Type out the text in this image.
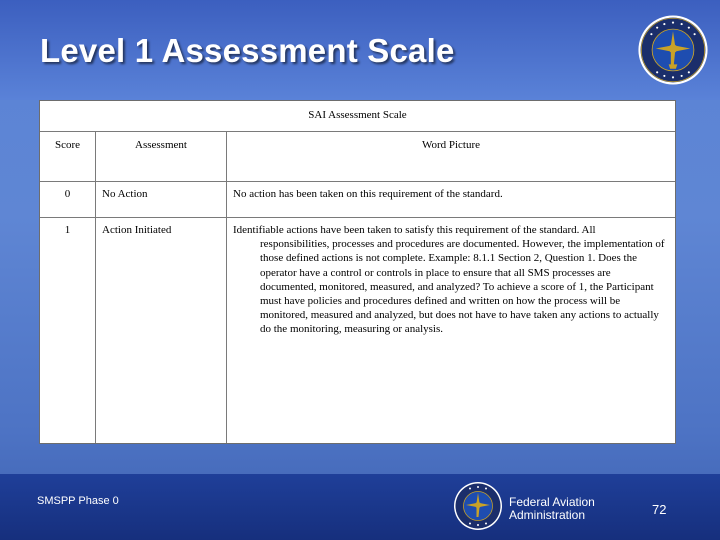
Level 1 Assessment Scale
SAI Assessment Scale
Score	Assessment	Word Picture
0	No Action	No action has been taken on this requirement of the standard.
1	Action Initiated	Identifiable actions have been taken to satisfy this requirement of the standard. All
responsibilities, processes and procedures are documented. However, the implementation of those defined actions is not complete. Example: 8.1.1 Section 2, Question 1. Does the operator have a control or controls in place to ensure that all SMS processes are documented, monitored, measured, and analyzed? To achieve a score of 1, the Participant must have policies and procedures defined and written on how the process will be monitored, measured and analyzed, but does not have to have taken any actions to actually do the monitoring, measuring or analysis.
SMSPP Phase 0	Federal Aviation Administration	72
